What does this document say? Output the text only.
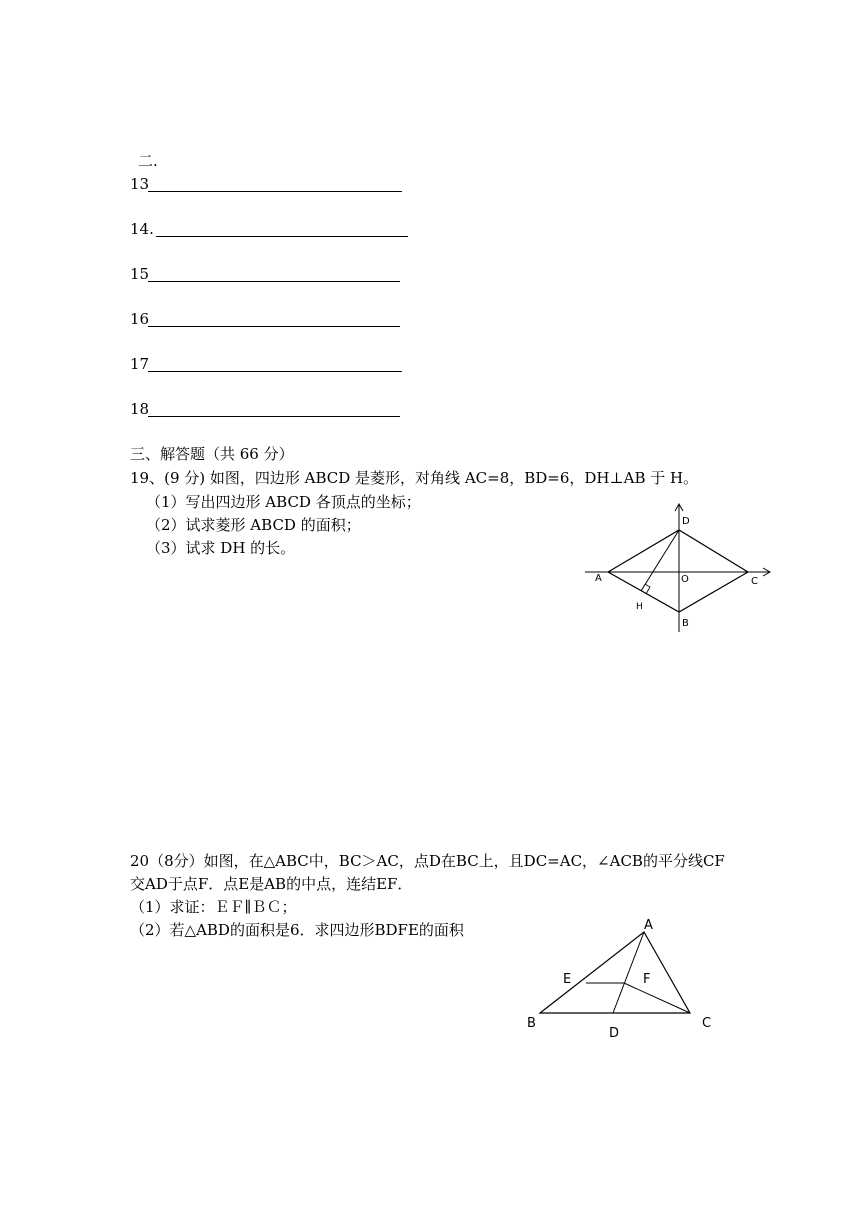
二.
13
14.
15
16
17
18
三、解答题（共 66 分）
19、(9 分) 如图，四边形 ABCD 是菱形，对角线 AC=8，BD=6，DH⊥AB 于 H。
（1）写出四边形 ABCD 各顶点的坐标；
（2）试求菱形 ABCD 的面积；
（3）试求 DH 的长。
D
A	O	C
H
B
20（8分）如图，在△ABC中，BC＞AC，点D在BC上，且DC=AC，∠ACB的平分线CF
交AD于点F．点E是AB的中点，连结EF．
（1）求证：ＥＦ∥ＢＣ；
（2）若△ABD的面积是6．求四边形BDFE的面积	A
E	F
B
D
C
